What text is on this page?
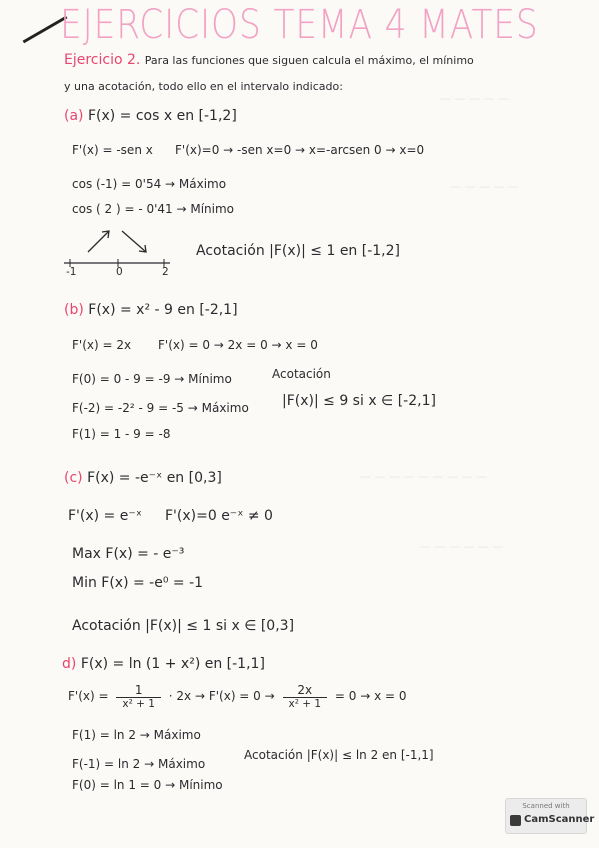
EJERCICIOS TEMA 4 MATES
— — — — —
— — — — —
— — — — — — — — —
— — — — — —
Ejercicio 2. Para las funciones que siguen calcula el máximo, el mínimo
y una acotación, todo ello en el intervalo indicado:
(a) F(x) = cos x en [-1,2]
F'(x) = -sen x F'(x)=0 → -sen x=0 → x=-arcsen 0 → x=0
cos (-1) = 0'54 → Máximo
cos ( 2 ) = - 0'41 → Mínimo
-1	0	2
Acotación |F(x)| ≤ 1 en [-1,2]
(b) F(x) = x² - 9 en [-2,1]
F'(x) = 2x F'(x) = 0 → 2x = 0 → x = 0
F(0) = 0 - 9 = -9 → Mínimo	Acotación
F(-2) = -2² - 9 = -5 → Máximo |F(x)| ≤ 9 si x ∈ [-2,1]
F(1) = 1 - 9 = -8
(c) F(x) = -e⁻ˣ en [0,3]
F'(x) = e⁻ˣ F'(x)=0 e⁻ˣ ≠ 0
Max F(x) = - e⁻³
Min F(x) = -e⁰ = -1
Acotación |F(x)| ≤ 1 si x ∈ [0,3]
d) F(x) = ln (1 + x²) en [-1,1]
$F'(x) = \frac{1}{\text{x² + 1}} \cdot 2x \to F'(x) = 0 \to \frac{2x}{\text{x² + 1}} = 0 \to x = 0$
F(1) = ln 2 → Máximo
F(-1) = ln 2 → Máximo
Acotación |F(x)| ≤ ln 2 en [-1,1]
F(0) = ln 1 = 0 → Mínimo
Scanned with
CamScanner
